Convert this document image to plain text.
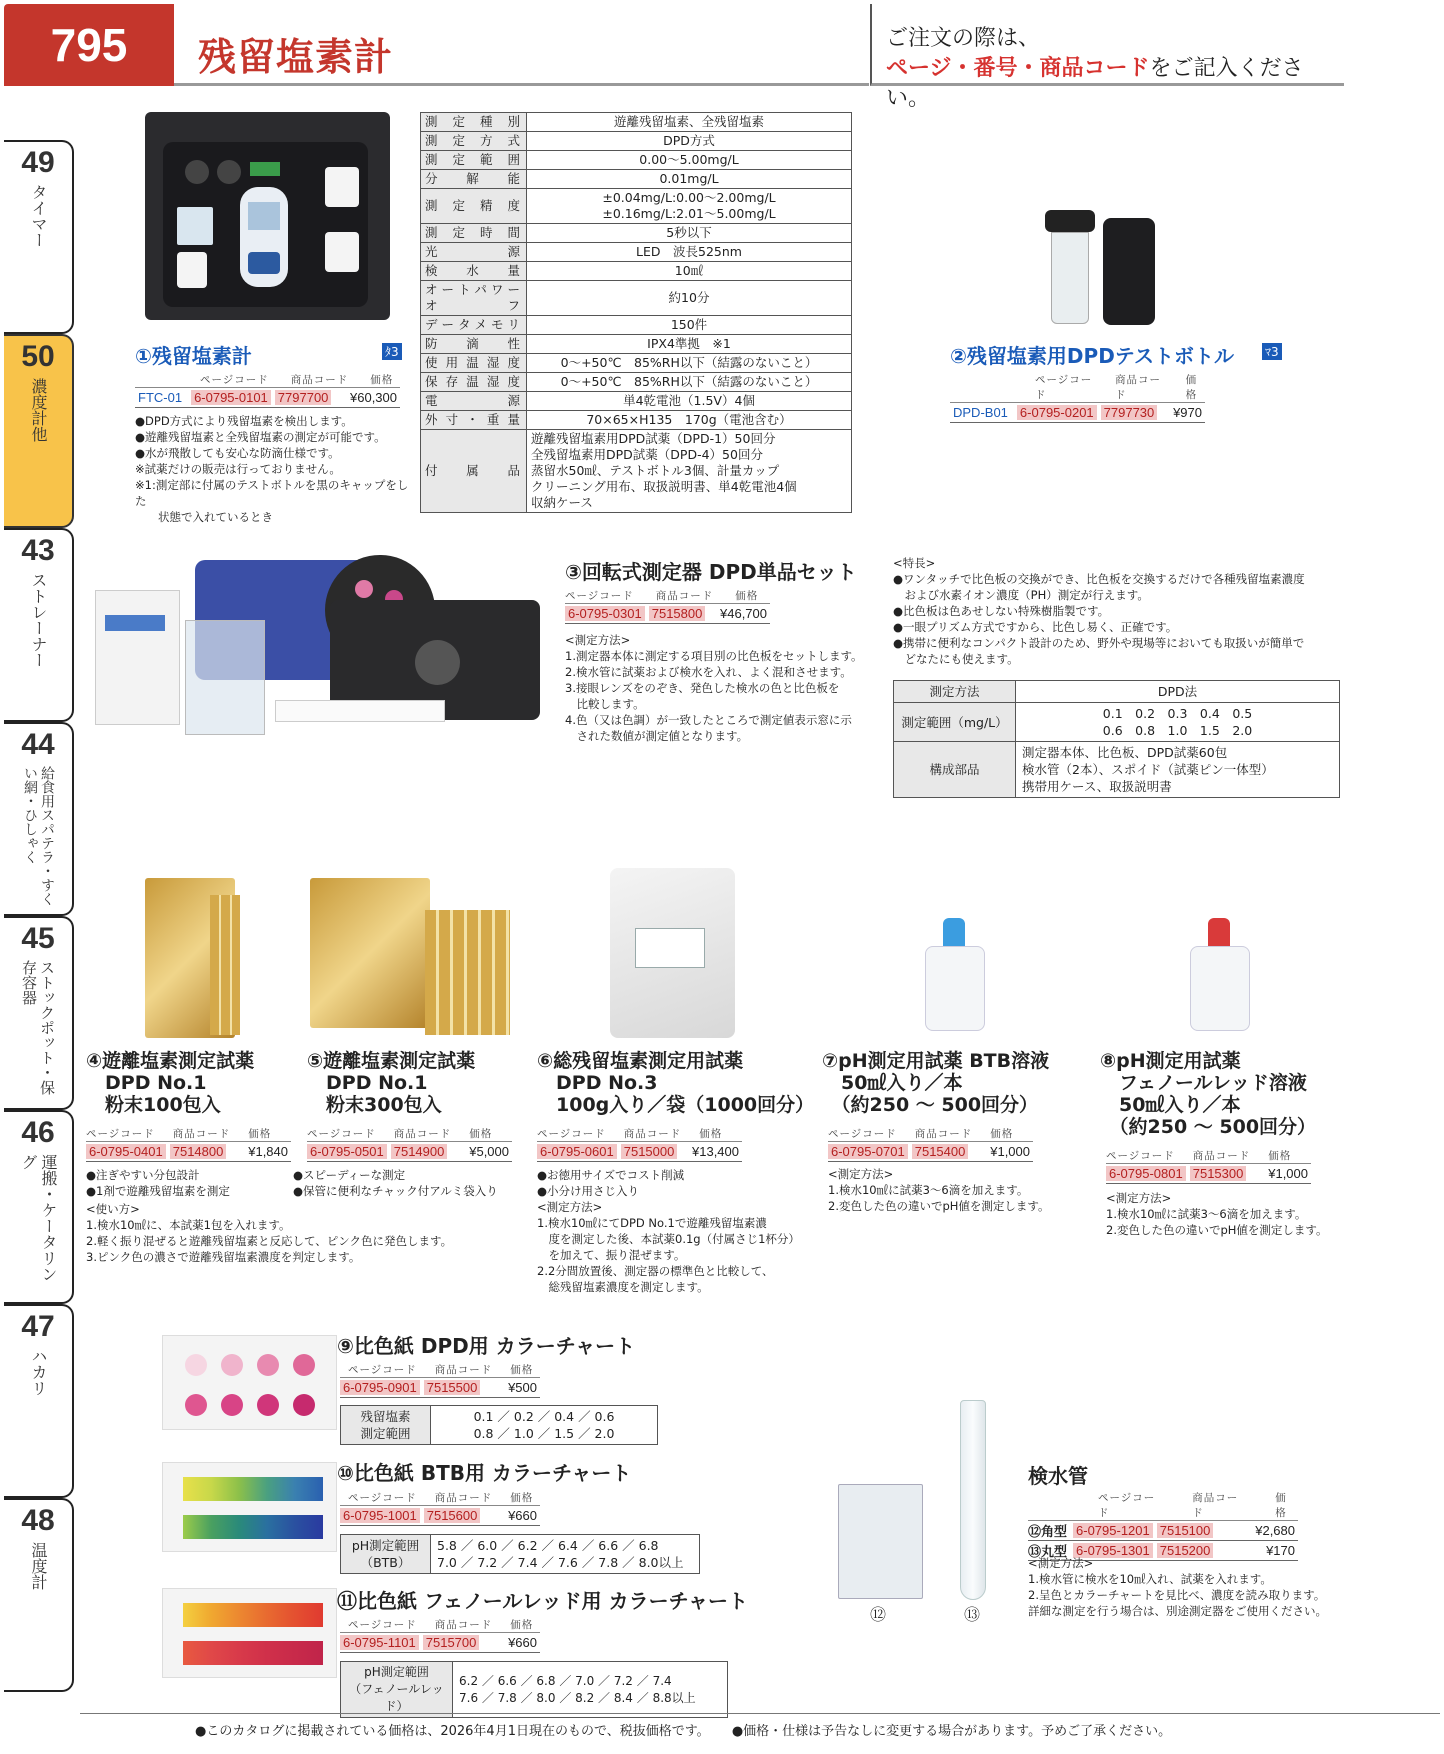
795	残留塩素計	ご注文の際は、
ページ・番号・商品コードをご記入ください。
49
タイマー
50
濃度計他
43
ストレーナー
44
給食用スパテラ・すくい網・ひしゃく
45
ストックポット・保存容器
46
運搬・ケータリング
47
ハカリ
48
温度計
測定種別	遊離残留塩素、全残留塩素
測定方式	DPD方式
測定範囲	0.00〜5.00mg/L
分解能	0.01mg/L
測定精度	±0.04mg/L:0.00〜2.00mg/L
±0.16mg/L:2.01〜5.00mg/L
測定時間	5秒以下
光源	LED　波長525nm
検水量	10㎖
オートパワーオフ	約10分
データメモリ	150件
防滴性	IPX4準拠　※1
使用温湿度	0〜+50℃　85%RH以下（結露のないこと）
保存温湿度	0〜+50℃　85%RH以下（結露のないこと）
電源	単4乾電池（1.5V）4個
外寸・重量	70×65×H135　170g（電池含む）
付属品	遊離残留塩素用DPD試薬（DPD-1）50回分
全残留塩素用DPD試薬（DPD-4）50回分
蒸留水50㎖、テストボトル3個、計量カップ
クリーニング用布、取扱説明書、単4乾電池4個
収納ケース
①残留塩素計	ﾀ3
ページコード 商品コード 価格
FTC-01 6-0795-0101 7797700 ¥60,300
●DPD方式により残留塩素を検出します。
●遊離残留塩素と全残留塩素の測定が可能です。
●水が飛散しても安心な防滴仕様です。
※試薬だけの販売は行っておりません。
※1:測定部に付属のテストボトルを黒のキャップをした
　　状態で入れているとき
②残留塩素用DPDテストボトル	ﾏ3
ページコード
商品コード
価格
DPD-B01 6-0795-0201 7797730 ¥970
③回転式測定器 DPD単品セット
ページコード 商品コード 価格
6-0795-0301 7515800 ¥46,700
<測定方法>
1.測定器本体に測定する項目別の比色板をセットします。
2.検水管に試薬および検水を入れ、よく混和させます。
3.接眼レンズをのぞき、発色した検水の色と比色板を
　比較します。
4.色（又は色調）が一致したところで測定値表示窓に示
　された数値が測定値となります。
<特長>
●ワンタッチで比色板の交換ができ、比色板を交換するだけで各種残留塩素濃度
　および水素イオン濃度（PH）測定が行えます。
●比色板は色あせしない特殊樹脂製です。
●一眼プリズム方式ですから、比色し易く、正確です。
●携帯に便利なコンパクト設計のため、野外や現場等においても取扱いが簡単で
　どなたにも使えます。
測定方法	DPD法
測定範囲（mg/L）	0.1　0.2　0.3　0.4　0.5
0.6　0.8　1.0　1.5　2.0
構成部品	測定器本体、比色板、DPD試薬60包
検水管（2本）、スポイド（試薬ピン一体型）
携帯用ケース、取扱説明書
④遊離塩素測定試薬
　DPD No.1
　粉末100包入
ページコード 商品コード 価格
6-0795-0401 7514800 ¥1,840
⑤遊離塩素測定試薬
　DPD No.1
　粉末300包入
ページコード 商品コード 価格
6-0795-0501 7514900 ¥5,000
●注ぎやすい分包設計
●1剤で遊離残留塩素を測定
●スピーディーな測定
●保管に便利なチャック付アルミ袋入り
<使い方>
1.検水10㎖に、本試薬1包を入れます。
2.軽く振り混ぜると遊離残留塩素と反応して、ピンク色に発色します。
3.ピンク色の濃さで遊離残留塩素濃度を判定します。
⑥総残留塩素測定用試薬
　DPD No.3
　100g入り／袋（1000回分）
ページコード 商品コード 価格
6-0795-0601 7515000 ¥13,400
●お徳用サイズでコスト削減
●小分け用さじ入り
<測定方法>
1.検水10㎖にてDPD No.1で遊離残留塩素濃
　度を測定した後、本試薬0.1g（付属さじ1杯分）
　を加えて、振り混ぜます。
2.2分間放置後、測定器の標準色と比較して、
　総残留塩素濃度を測定します。
⑦pH測定用試薬 BTB溶液
　50㎖入り／本
　（約250 〜 500回分）
ページコード 商品コード 価格
6-0795-0701 7515400 ¥1,000
<測定方法>
1.検水10㎖に試薬3〜6滴を加えます。
2.変色した色の違いでpH値を測定します。
⑧pH測定用試薬
　フェノールレッド溶液
　50㎖入り／本
　（約250 〜 500回分）
ページコード 商品コード 価格
6-0795-0801 7515300 ¥1,000
<測定方法>
1.検水10㎖に試薬3〜6滴を加えます。
2.変色した色の違いでpH値を測定します。
⑨比色紙 DPD用 カラーチャート
ページコード 商品コード 価格
6-0795-0901 7515500 ¥500
残留塩素
測定範囲	0.1 ／ 0.2 ／ 0.4 ／ 0.6
0.8 ／ 1.0 ／ 1.5 ／ 2.0
⑩比色紙 BTB用 カラーチャート
ページコード 商品コード 価格
6-0795-1001 7515600 ¥660
pH測定範囲
（BTB）	5.8 ／ 6.0 ／ 6.2 ／ 6.4 ／ 6.6 ／ 6.8
7.0 ／ 7.2 ／ 7.4 ／ 7.6 ／ 7.8 ／ 8.0以上
⑪比色紙 フェノールレッド用 カラーチャート
ページコード 商品コード 価格
6-0795-1101 7515700 ¥660
pH測定範囲
（フェノールレッド）	6.2 ／ 6.6 ／ 6.8 ／ 7.0 ／ 7.2 ／ 7.4
7.6 ／ 7.8 ／ 8.0 ／ 8.2 ／ 8.4 ／ 8.8以上
⑫	⑬
検水管
ページコード
商品コード
価格
⑫角型 6-0795-1201 7515100	¥2,680
⑬丸型 6-0795-1301 7515200	¥170
<測定方法>
1.検水管に検水を10㎖入れ、試薬を入れます。
2.呈色とカラーチャートを見比べ、濃度を読み取ります。
詳細な測定を行う場合は、別途測定器をご使用ください。
●このカタログに掲載されている価格は、2026年4月1日現在のもので、税抜価格です。 ●価格・仕様は予告なしに変更する場合があります。予めご了承ください。
